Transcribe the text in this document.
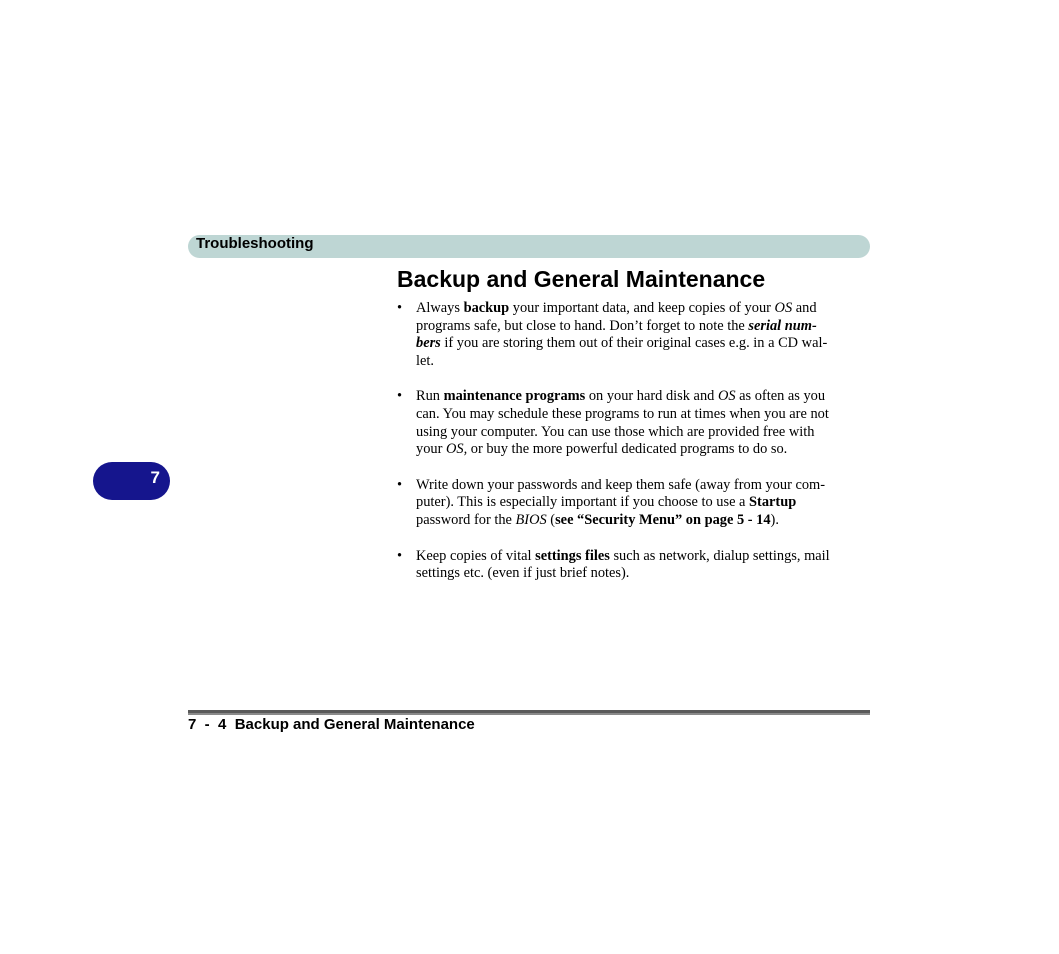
Troubleshooting
7
Backup and General Maintenance
• Always backup your important data, and keep copies of your OS and programs safe, but close to hand. Don’t forget to note the serial num-bers if you are storing them out of their original cases e.g. in a CD wal-let.
• Run maintenance programs on your hard disk and OS as often as you can. You may schedule these programs to run at times when you are not using your computer. You can use those which are provided free with your OS, or buy the more powerful dedicated programs to do so.
• Write down your passwords and keep them safe (away from your com-puter). This is especially important if you choose to use a Startup password for the BIOS (see “Security Menu” on page 5 - 14).
• Keep copies of vital settings files such as network, dialup settings, mail settings etc. (even if just brief notes).
7  -  4 Backup and General Maintenance
